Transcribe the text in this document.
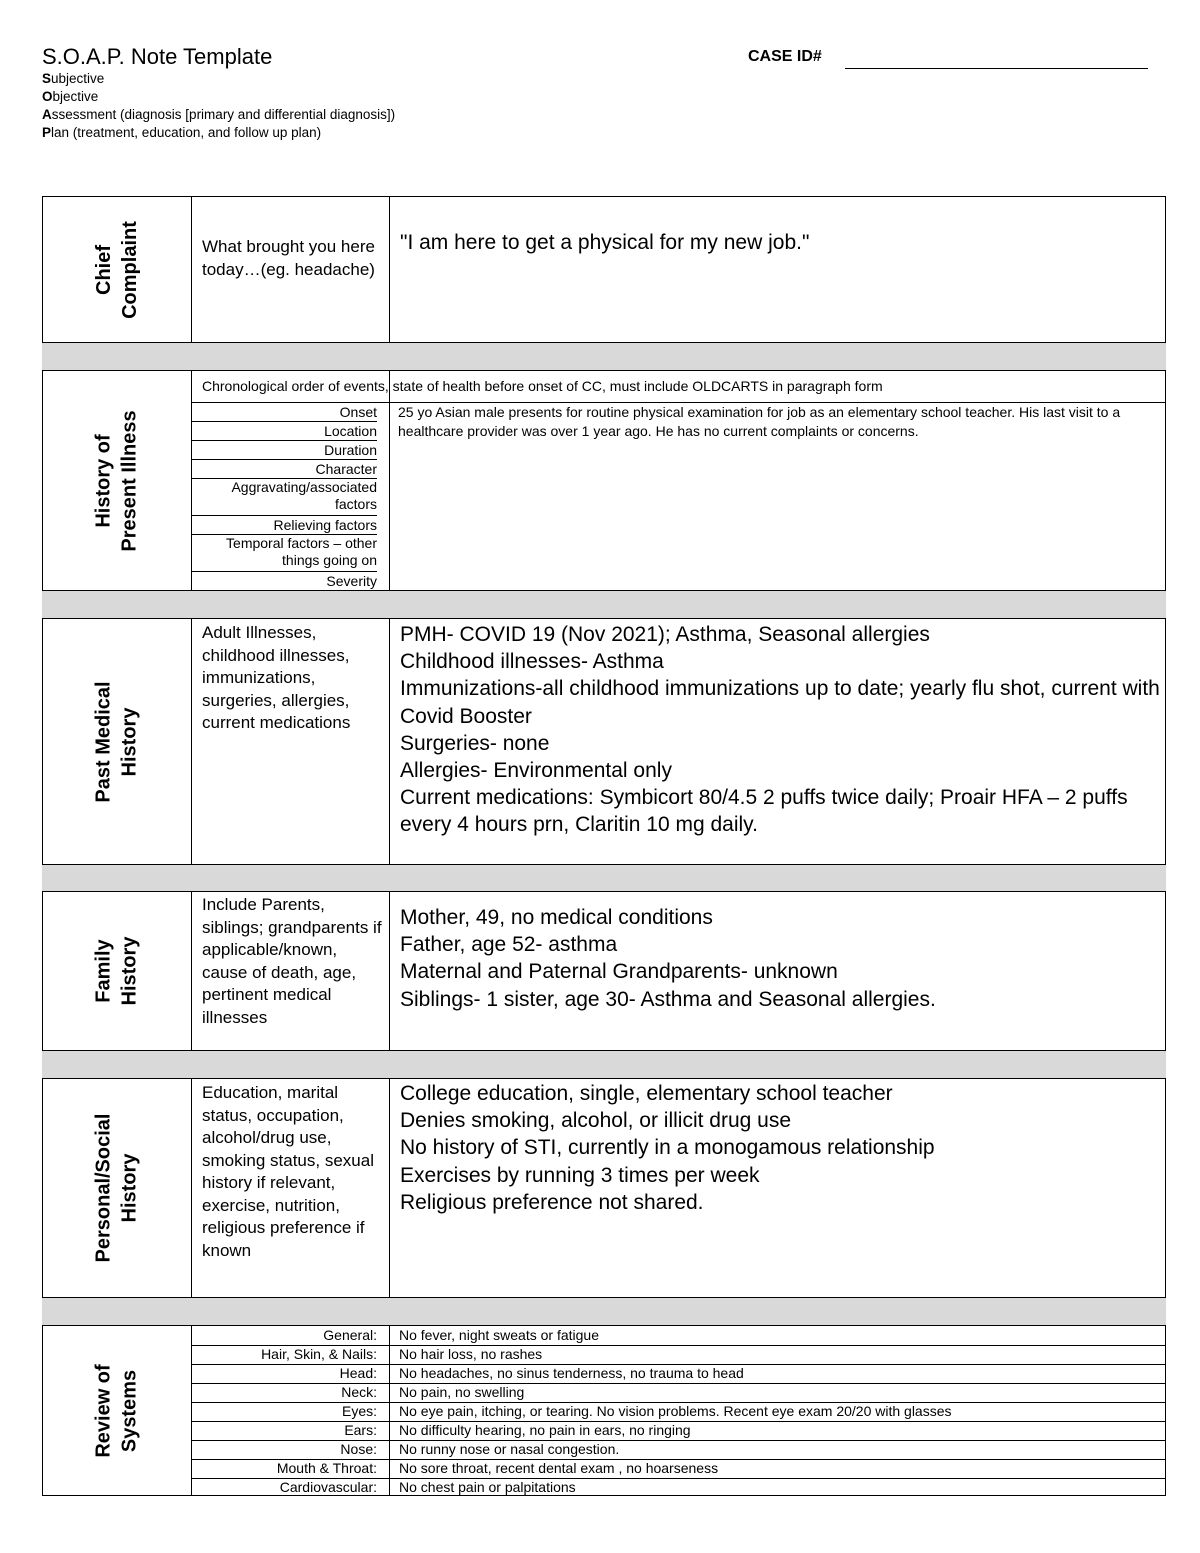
S.O.A.P. Note Template
Subjective
Objective
Assessment (diagnosis [primary and differential diagnosis])
Plan (treatment, education, and follow up plan)
CASE ID#
Chief
Complaint	What brought you here today…(eg. headache)
"I am here to get a physical for my new job."
History of
Present Illness
Chronological order of events, state of health before onset of CC, must include OLDCARTS in paragraph form
Onset
Location
Duration
Character
Aggravating/associated factors
Relieving factors
Temporal factors – other things going on
Severity
25 yo Asian male presents for routine physical examination for job as an elementary school teacher. His last visit to a healthcare provider was over 1 year ago. He has no current complaints or concerns.
Past Medical
History
Adult Illnesses, childhood illnesses, immunizations, surgeries, allergies, current medications
PMH- COVID 19 (Nov 2021); Asthma, Seasonal allergies
Childhood illnesses- Asthma
Immunizations-all childhood immunizations up to date; yearly flu shot, current with Covid Booster
Surgeries- none
Allergies- Environmental only
Current medications: Symbicort 80/4.5 2 puffs twice daily; Proair HFA – 2 puffs every 4 hours prn, Claritin 10 mg daily.
Family
History
Include Parents, siblings; grandparents if applicable/known, cause of death, age, pertinent medical illnesses
Mother, 49, no medical conditions
Father, age 52- asthma
Maternal and Paternal Grandparents- unknown
Siblings- 1 sister, age 30- Asthma and Seasonal allergies.
Personal/Social
History
Education, marital status, occupation, alcohol/drug use, smoking status, sexual history if relevant, exercise, nutrition, religious preference if known
College education, single, elementary school teacher
Denies smoking, alcohol, or illicit drug use
No history of STI, currently in a monogamous relationship
Exercises by running 3 times per week
Religious preference not shared.
Review of
Systems
General: No fever, night sweats or fatigue
Hair, Skin, & Nails: No hair loss, no rashes
Head: No headaches, no sinus tenderness, no trauma to head
Neck: No pain, no swelling
Eyes: No eye pain, itching, or tearing. No vision problems. Recent eye exam 20/20 with glasses
Ears: No difficulty hearing, no pain in ears, no ringing
Nose: No runny nose or nasal congestion.
Mouth & Throat: No sore throat, recent dental exam , no hoarseness
Cardiovascular: No chest pain or palpitations
